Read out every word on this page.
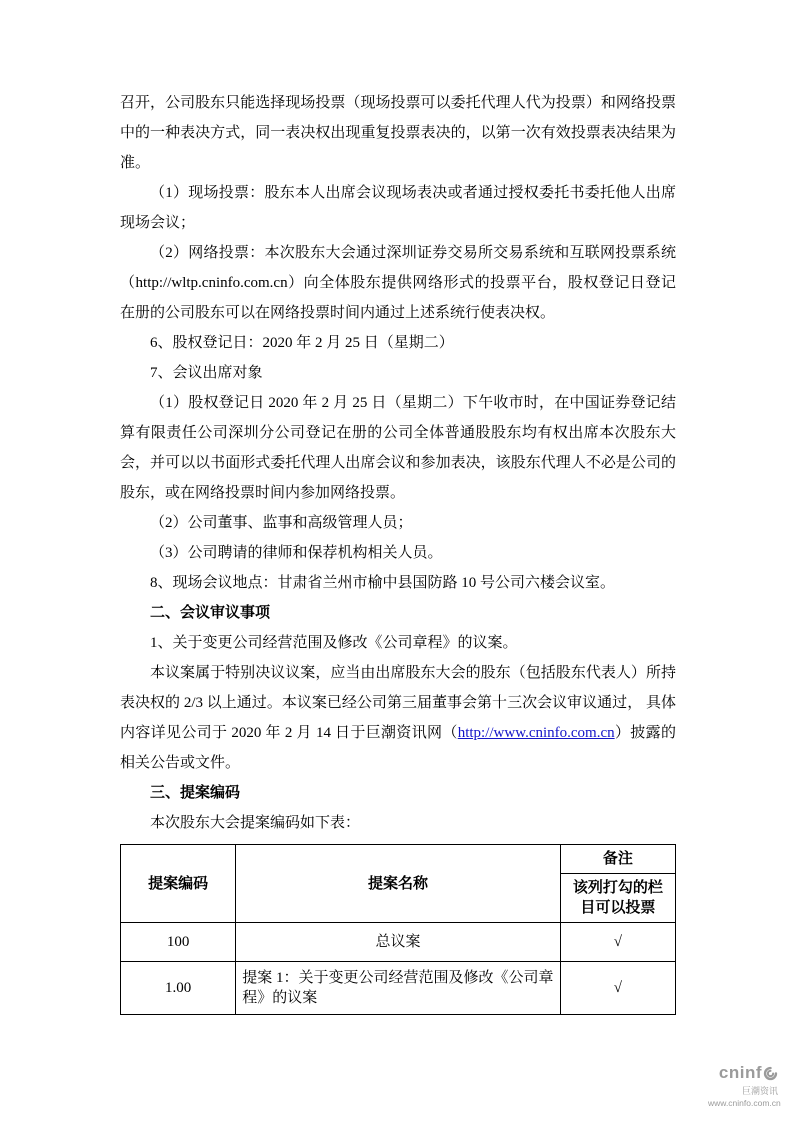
召开，公司股东只能选择现场投票（现场投票可以委托代理人代为投票）和网络投票中的一种表决方式，同一表决权出现重复投票表决的，以第一次有效投票表决结果为准。

（1）现场投票：股东本人出席会议现场表决或者通过授权委托书委托他人出席现场会议；

（2）网络投票：本次股东大会通过深圳证券交易所交易系统和互联网投票系统 （http://wltp.cninfo.com.cn）向全体股东提供网络形式的投票平台，股权登记日登记在册的公司股东可以在网络投票时间内通过上述系统行使表决权。

6、股权登记日：2020 年 2 月 25 日（星期二）

7、会议出席对象

（1）股权登记日 2020 年 2 月 25 日（星期二）下午收市时，在中国证券登记结算有限责任公司深圳分公司登记在册的公司全体普通股股东均有权出席本次股东大会，并可以以书面形式委托代理人出席会议和参加表决，该股东代理人不必是公司的股东，或在网络投票时间内参加网络投票。

（2）公司董事、监事和高级管理人员；

（3）公司聘请的律师和保荐机构相关人员。

8、现场会议地点：甘肃省兰州市榆中县国防路 10 号公司六楼会议室。

二、会议审议事项

1、关于变更公司经营范围及修改《公司章程》的议案。

本议案属于特别决议议案，应当由出席股东大会的股东（包括股东代表人）所持表决权的 2/3 以上通过。本议案已经公司第三届董事会第十三次会议审议通过， 具体内容详见公司于 2020 年 2 月 14 日于巨潮资讯网（http://www.cninfo.com.cn）披露的相关公告或文件。

三、提案编码

本次股东大会提案编码如下表：

提案编码	提案名称	备注
		该列打勾的栏目可以投票
100	总议案	√
1.00	提案 1：关于变更公司经营范围及修改《公司章程》的议案	√
cninf
巨潮资讯
www.cninfo.com.cn
